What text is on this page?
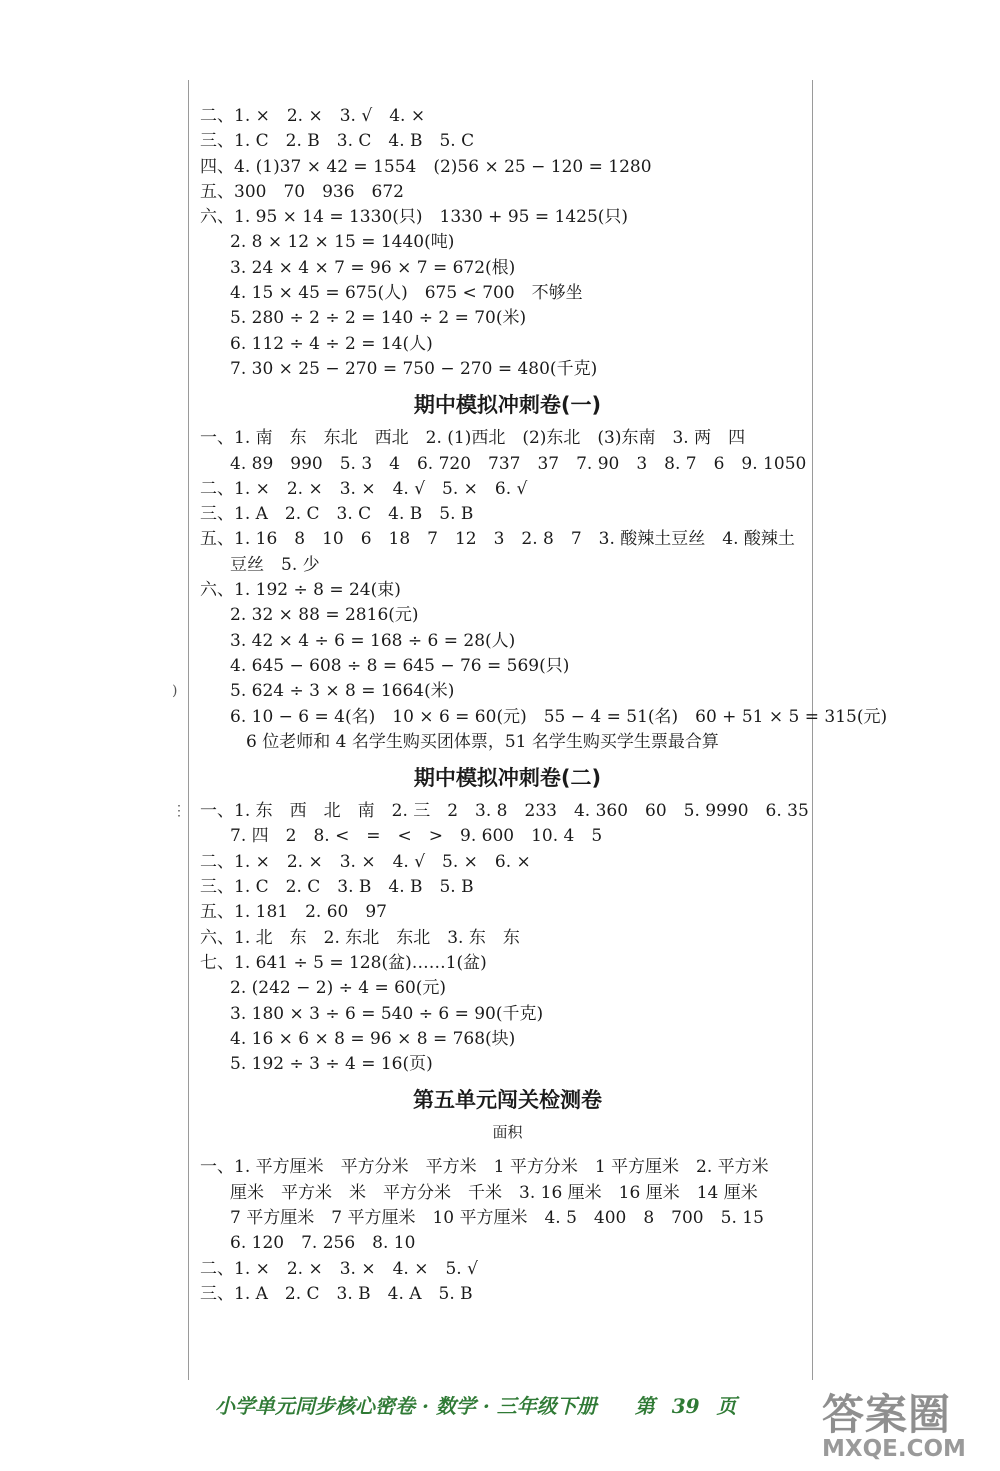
)
⋮
二、1. ×　2. ×　3. √　4. ×
三、1. C　2. B　3. C　4. B　5. C
四、4. (1)37 × 42 = 1554　(2)56 × 25 − 120 = 1280
五、300　70　936　672
六、1. 95 × 14 = 1330(只)　1330 + 95 = 1425(只)
2. 8 × 12 × 15 = 1440(吨)
3. 24 × 4 × 7 = 96 × 7 = 672(根)
4. 15 × 45 = 675(人)　675 < 700　不够坐
5. 280 ÷ 2 ÷ 2 = 140 ÷ 2 = 70(米)
6. 112 ÷ 4 ÷ 2 = 14(人)
7. 30 × 25 − 270 = 750 − 270 = 480(千克)
期中模拟冲刺卷(一)
一、1. 南　东　东北　西北　2. (1)西北　(2)东北　(3)东南　3. 两　四
4. 89　990　5. 3　4　6. 720　737　37　7. 90　3　8. 7　6　9. 1050
二、1. ×　2. ×　3. ×　4. √　5. ×　6. √
三、1. A　2. C　3. C　4. B　5. B
五、1. 16　8　10　6　18　7　12　3　2. 8　7　3. 酸辣土豆丝　4. 酸辣土
豆丝　5. 少
六、1. 192 ÷ 8 = 24(束)
2. 32 × 88 = 2816(元)
3. 42 × 4 ÷ 6 = 168 ÷ 6 = 28(人)
4. 645 − 608 ÷ 8 = 645 − 76 = 569(只)
5. 624 ÷ 3 × 8 = 1664(米)
6. 10 − 6 = 4(名)　10 × 6 = 60(元)　55 − 4 = 51(名)　60 + 51 × 5 = 315(元)
6 位老师和 4 名学生购买团体票，51 名学生购买学生票最合算
期中模拟冲刺卷(二)
一、1. 东　西　北　南　2. 三　2　3. 8　233　4. 360　60　5. 9990　6. 35
7. 四　2　8. <　=　<　>　9. 600　10. 4　5
二、1. ×　2. ×　3. ×　4. √　5. ×　6. ×
三、1. C　2. C　3. B　4. B　5. B
五、1. 181　2. 60　97
六、1. 北　东　2. 东北　东北　3. 东　东
七、1. 641 ÷ 5 = 128(盆)……1(盆)
2. (242 − 2) ÷ 4 = 60(元)
3. 180 × 3 ÷ 6 = 540 ÷ 6 = 90(千克)
4. 16 × 6 × 8 = 96 × 8 = 768(块)
5. 192 ÷ 3 ÷ 4 = 16(页)
第五单元闯关检测卷
面积
一、1. 平方厘米　平方分米　平方米　1 平方分米　1 平方厘米　2. 平方米
厘米　平方米　米　平方分米　千米　3. 16 厘米　16 厘米　14 厘米
7 平方厘米　7 平方厘米　10 平方厘米　4. 5　400　8　700　5. 15
6. 120　7. 256　8. 10
二、1. ×　2. ×　3. ×　4. ×　5. √
三、1. A　2. C　3. B　4. A　5. B
小学单元同步核心密卷 · 数学 · 三年级下册 第 39 页	答案圈
MXQE.COM
